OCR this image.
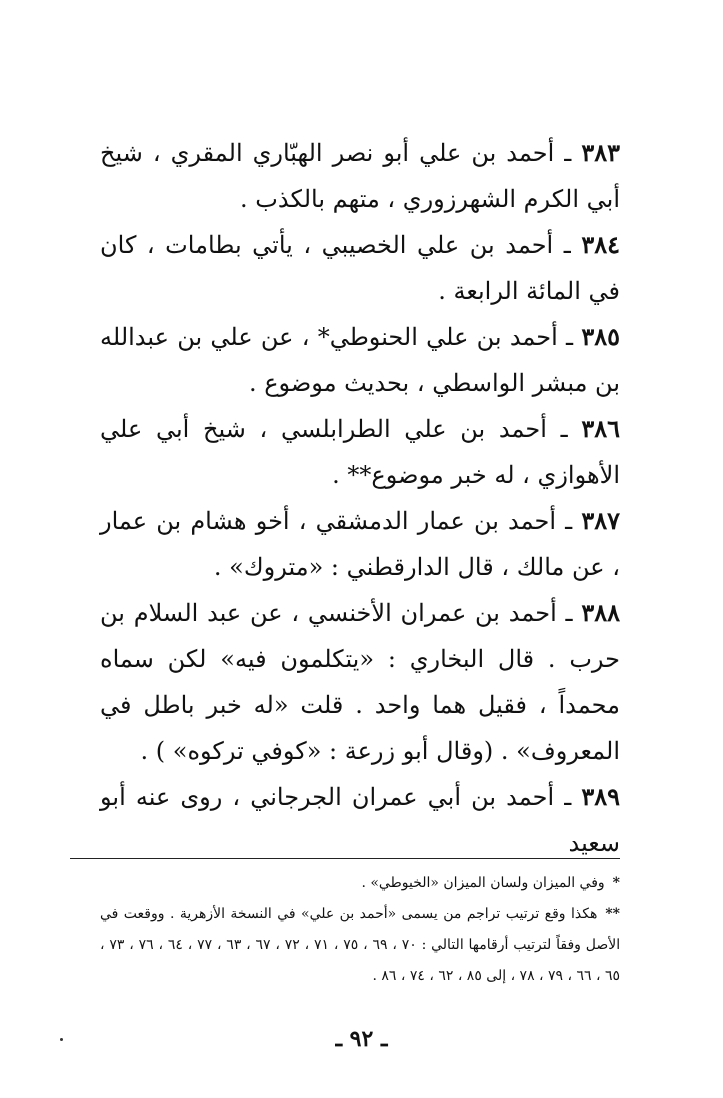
٣٨٣ ـ أحمد بن علي أبو نصر الهبّاري المقري ، شيخ أبي الكرم الشهرزوري ، متهم بالكذب .

٣٨٤ ـ أحمد بن علي الخصيبي ، يأتي بطامات ، كان في المائة الرابعة .

٣٨٥ ـ أحمد بن علي الحنوطي* ، عن علي بن عبدالله بن مبشر الواسطي ، بحديث موضوع .

٣٨٦ ـ أحمد بن علي الطرابلسي ، شيخ أبي علي الأهوازي ، له خبر موضوع** .

٣٨٧ ـ أحمد بن عمار الدمشقي ، أخو هشام بن عمار ، عن مالك ، قال الدارقطني : «متروك» .

٣٨٨ ـ أحمد بن عمران الأخنسي ، عن عبد السلام بن حرب . قال البخاري : «يتكلمون فيه» لكن سماه محمداً ، فقيل هما واحد . قلت «له خبر باطل في المعروف» . (وقال أبو زرعة : «كوفي تركوه» ) .

٣٨٩ ـ أحمد بن أبي عمران الجرجاني ، روى عنه أبو سعيد

*وفي الميزان ولسان الميزان «الخيوطي» .

**هكذا وقع ترتيب تراجم من يسمى «أحمد بن علي» في النسخة الأزهرية . ووقعت في الأصل وفقاً لترتيب أرقامها التالي : ٧٠ ، ٦٩ ، ٧٥ ، ٧١ ، ٧٢ ، ٦٧ ، ٦٣ ، ٧٧ ، ٦٤ ، ٧٦ ، ٧٣ ، ٦٥ ، ٦٦ ، ٧٩ ، ٧٨ ، إلى ٨٥ ، ٦٢ ، ٧٤ ، ٨٦ .

ـ ٩٢ ـ
